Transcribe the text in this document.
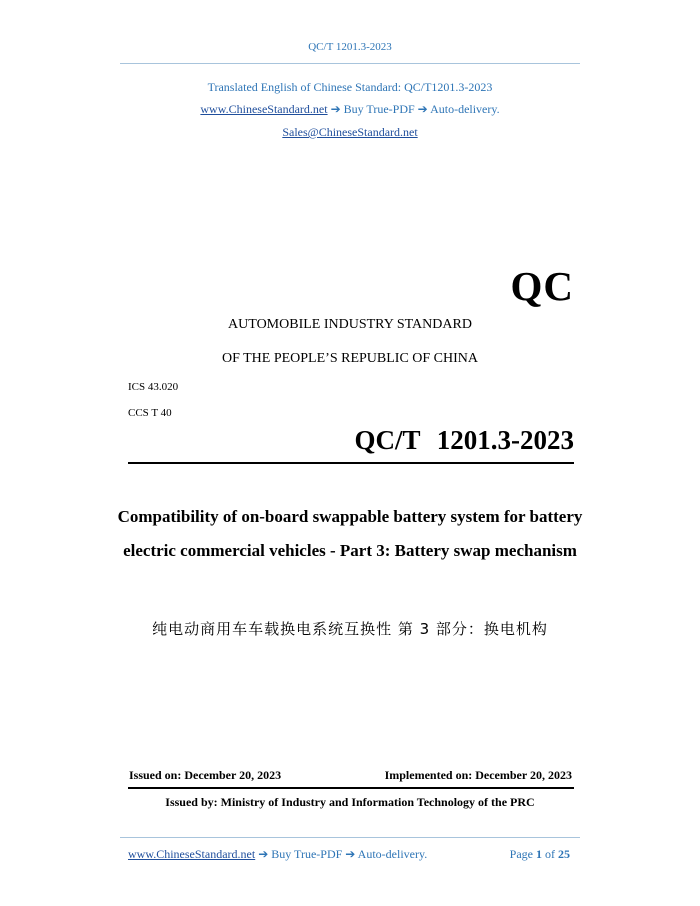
QC/T 1201.3-2023
Translated English of Chinese Standard: QC/T1201.3-2023
www.ChineseStandard.net ➔ Buy True-PDF ➔ Auto-delivery.
Sales@ChineseStandard.net
QC
AUTOMOBILE INDUSTRY STANDARD
OF THE PEOPLE’S REPUBLIC OF CHINA
ICS 43.020
CCS T 40
QC/T 1201.3-2023
Compatibility of on-board swappable battery system for battery electric commercial vehicles - Part 3: Battery swap mechanism
纯电动商用车车载换电系统互换性 第 3 部分：换电机构
Issued on: December 20, 2023	Implemented on: December 20, 2023
Issued by: Ministry of Industry and Information Technology of the PRC
www.ChineseStandard.net ➔ Buy True-PDF ➔ Auto-delivery.	Page 1 of 25
